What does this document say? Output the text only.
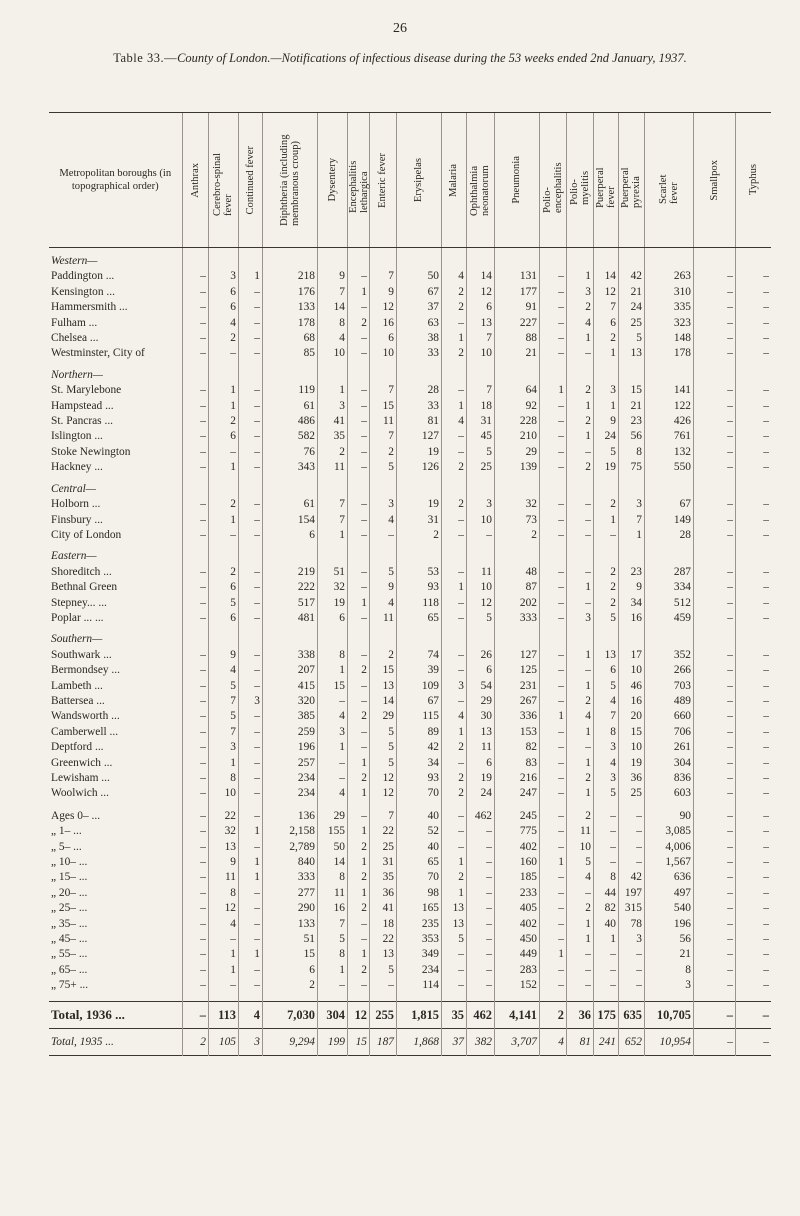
26
Table 33.—County of London.—Notifications of infectious disease during the 53 weeks ended 2nd January, 1937.
Metropolitan boroughs (in topographical order)	Anthrax	Cerebro-spinal fever	Continued fever	Diphtheria (including membranous croup)	Dysentery	Encephalitis lethargica	Enteric fever	Erysipelas	Malaria	Ophthalmia neonatorum	Pneumonia	Polio-encephalitis	Polio-myelitis	Puerperal fever	Puerperal pyrexia	Scarlet fever	Smallpox	Typhus

Western—																		
Paddington ...	–	3	1	218	9	–	7	50	4	14	131	–	1	14	42	263	–	–
Kensington ...	–	6	–	176	7	1	9	67	2	12	177	–	3	12	21	310	–	–
Hammersmith ...	–	6	–	133	14	–	12	37	2	6	91	–	2	7	24	335	–	–
Fulham ...	–	4	–	178	8	2	16	63	–	13	227	–	4	6	25	323	–	–
Chelsea ...	–	2	–	68	4	–	6	38	1	7	88	–	1	2	5	148	–	–
Westminster, City of	–	–	–	85	10	–	10	33	2	10	21	–	–	1	13	178	–	–
Northern—																		
St. Marylebone	–	1	–	119	1	–	7	28	–	7	64	1	2	3	15	141	–	–
Hampstead ...	–	1	–	61	3	–	15	33	1	18	92	–	1	1	21	122	–	–
St. Pancras ...	–	2	–	486	41	–	11	81	4	31	228	–	2	9	23	426	–	–
Islington ...	–	6	–	582	35	–	7	127	–	45	210	–	1	24	56	761	–	–
Stoke Newington	–	–	–	76	2	–	2	19	–	5	29	–	–	5	8	132	–	–
Hackney ...	–	1	–	343	11	–	5	126	2	25	139	–	2	19	75	550	–	–
Central—																		
Holborn ...	–	2	–	61	7	–	3	19	2	3	32	–	–	2	3	67	–	–
Finsbury ...	–	1	–	154	7	–	4	31	–	10	73	–	–	1	7	149	–	–
City of London	–	–	–	6	1	–	–	2	–	–	2	–	–	–	1	28	–	–
Eastern—																		
Shoreditch ...	–	2	–	219	51	–	5	53	–	11	48	–	–	2	23	287	–	–
Bethnal Green	–	6	–	222	32	–	9	93	1	10	87	–	1	2	9	334	–	–
Stepney... ...	–	5	–	517	19	1	4	118	–	12	202	–	–	2	34	512	–	–
Poplar ... ...	–	6	–	481	6	–	11	65	–	5	333	–	3	5	16	459	–	–
Southern—																		
Southwark ...	–	9	–	338	8	–	2	74	–	26	127	–	1	13	17	352	–	–
Bermondsey ...	–	4	–	207	1	2	15	39	–	6	125	–	–	6	10	266	–	–
Lambeth ...	–	5	–	415	15	–	13	109	3	54	231	–	1	5	46	703	–	–
Battersea ...	–	7	3	320	–	–	14	67	–	29	267	–	2	4	16	489	–	–
Wandsworth ...	–	5	–	385	4	2	29	115	4	30	336	1	4	7	20	660	–	–
Camberwell ...	–	7	–	259	3	–	5	89	1	13	153	–	1	8	15	706	–	–
Deptford ...	–	3	–	196	1	–	5	42	2	11	82	–	–	3	10	261	–	–
Greenwich ...	–	1	–	257	–	1	5	34	–	6	83	–	1	4	19	304	–	–
Lewisham ...	–	8	–	234	–	2	12	93	2	19	216	–	2	3	36	836	–	–
Woolwich ...	–	10	–	234	4	1	12	70	2	24	247	–	1	5	25	603	–	–

Ages 0– ...	–	22	–	136	29	–	7	40	–	462	245	–	2	–	–	90	–	–
„ 1– ...	–	32	1	2,158	155	1	22	52	–	–	775	–	11	–	–	3,085	–	–
„ 5– ...	–	13	–	2,789	50	2	25	40	–	–	402	–	10	–	–	4,006	–	–
„ 10– ...	–	9	1	840	14	1	31	65	1	–	160	1	5	–	–	1,567	–	–
„ 15– ...	–	11	1	333	8	2	35	70	2	–	185	–	4	8	42	636	–	–
„ 20– ...	–	8	–	277	11	1	36	98	1	–	233	–	–	44	197	497	–	–
„ 25– ...	–	12	–	290	16	2	41	165	13	–	405	–	2	82	315	540	–	–
„ 35– ...	–	4	–	133	7	–	18	235	13	–	402	–	1	40	78	196	–	–
„ 45– ...	–	–	–	51	5	–	22	353	5	–	450	–	1	1	3	56	–	–
„ 55– ...	–	1	1	15	8	1	13	349	–	–	449	1	–	–	–	21	–	–
„ 65– ...	–	1	–	6	1	2	5	234	–	–	283	–	–	–	–	8	–	–
„ 75+ ...	–	–	–	2	–	–	–	114	–	–	152	–	–	–	–	3	–	–

Total, 1936 ...	–	113	4	7,030	304	12	255	1,815	35	462	4,141	2	36	175	635	10,705	–	–
Total, 1935 ...	2	105	3	9,294	199	15	187	1,868	37	382	3,707	4	81	241	652	10,954	–	–
